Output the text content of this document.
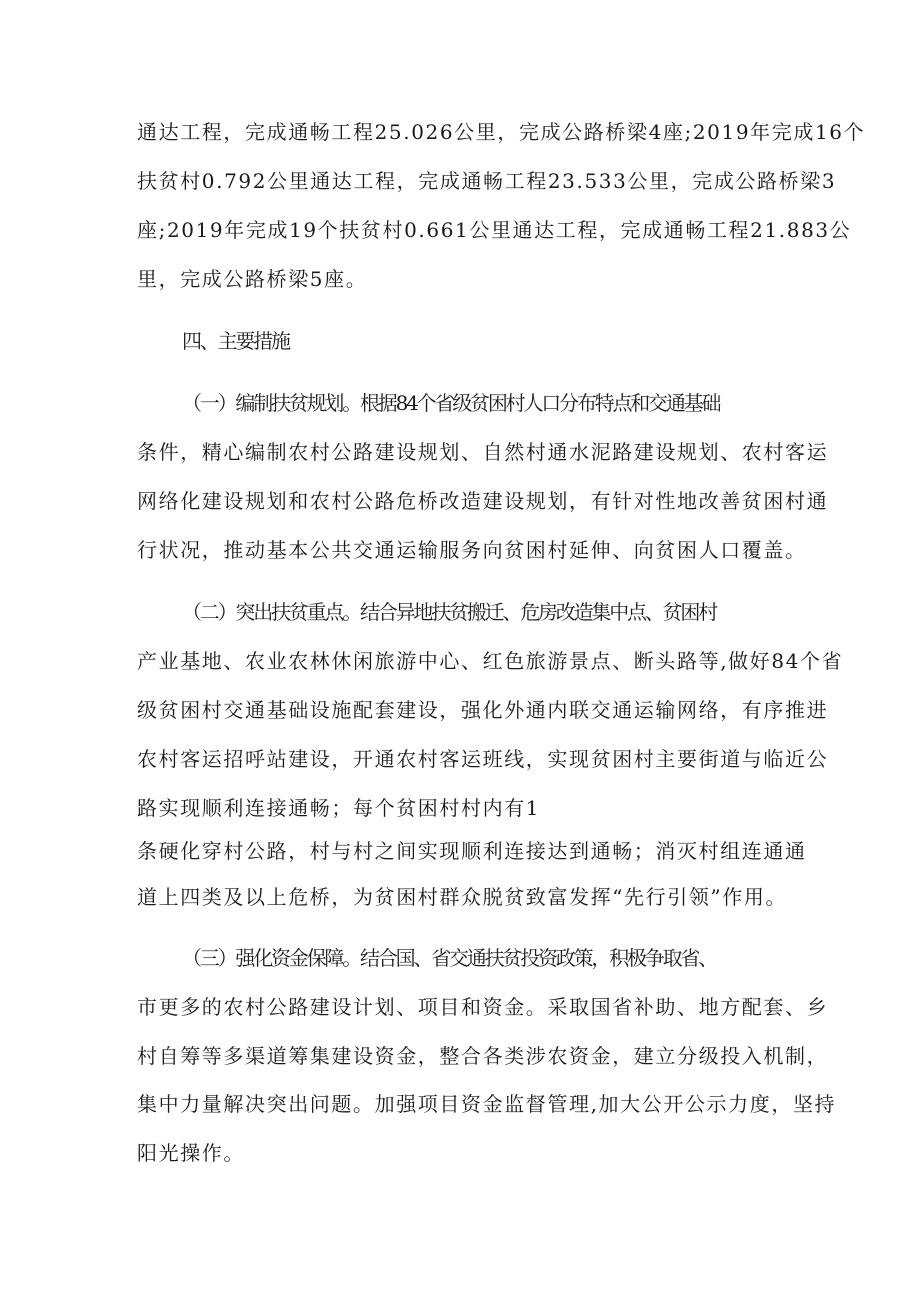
通达工程，完成通畅工程25.026公里，完成公路桥梁4座;2019年完成16个
扶贫村0.792公里通达工程，完成通畅工程23.533公里，完成公路桥梁3
座;2019年完成19个扶贫村0.661公里通达工程，完成通畅工程21.883公
里，完成公路桥梁5座。
四、主要措施
（一）编制扶贫规划。根据84个省级贫困村人口分布特点和交通基础
条件，精心编制农村公路建设规划、自然村通水泥路建设规划、农村客运
网络化建设规划和农村公路危桥改造建设规划，有针对性地改善贫困村通
行状况，推动基本公共交通运输服务向贫困村延伸、向贫困人口覆盖。
（二）突出扶贫重点。结合异地扶贫搬迁、危房改造集中点、贫困村
产业基地、农业农林休闲旅游中心、红色旅游景点、断头路等,做好84个省
级贫困村交通基础设施配套建设，强化外通内联交通运输网络，有序推进
农村客运招呼站建设，开通农村客运班线，实现贫困村主要街道与临近公
路实现顺利连接通畅；每个贫困村村内有1
条硬化穿村公路，村与村之间实现顺利连接达到通畅；消灭村组连通通
道上四类及以上危桥，为贫困村群众脱贫致富发挥“先行引领”作用。
（三）强化资金保障。结合国、省交通扶贫投资政策，积极争取省、
市更多的农村公路建设计划、项目和资金。采取国省补助、地方配套、乡
村自筹等多渠道筹集建设资金，整合各类涉农资金，建立分级投入机制，
集中力量解决突出问题。加强项目资金监督管理,加大公开公示力度，坚持
阳光操作。
